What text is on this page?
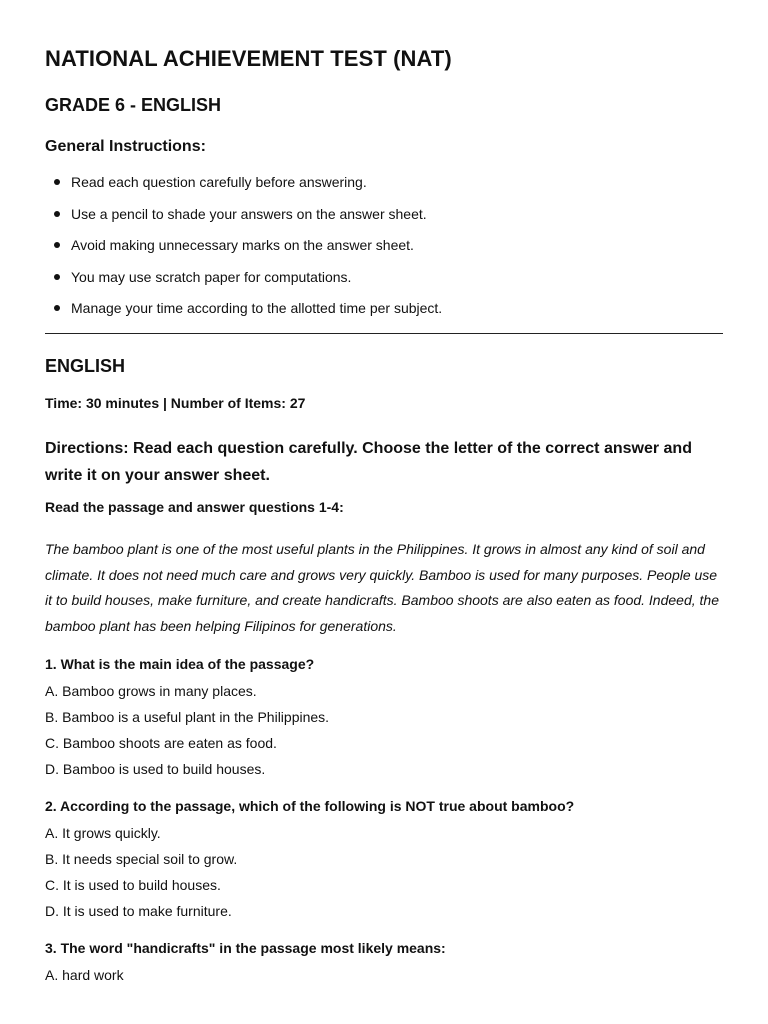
NATIONAL ACHIEVEMENT TEST (NAT)
GRADE 6 - ENGLISH
General Instructions:
Read each question carefully before answering.
Use a pencil to shade your answers on the answer sheet.
Avoid making unnecessary marks on the answer sheet.
You may use scratch paper for computations.
Manage your time according to the allotted time per subject.
ENGLISH
Time: 30 minutes | Number of Items: 27
Directions: Read each question carefully. Choose the letter of the correct answer and write it on your answer sheet.
Read the passage and answer questions 1-4:
The bamboo plant is one of the most useful plants in the Philippines. It grows in almost any kind of soil and climate. It does not need much care and grows very quickly. Bamboo is used for many purposes. People use it to build houses, make furniture, and create handicrafts. Bamboo shoots are also eaten as food. Indeed, the bamboo plant has been helping Filipinos for generations.
1. What is the main idea of the passage?
A. Bamboo grows in many places.
B. Bamboo is a useful plant in the Philippines.
C. Bamboo shoots are eaten as food.
D. Bamboo is used to build houses.
2. According to the passage, which of the following is NOT true about bamboo?
A. It grows quickly.
B. It needs special soil to grow.
C. It is used to build houses.
D. It is used to make furniture.
3. The word "handicrafts" in the passage most likely means:
A. hard work
